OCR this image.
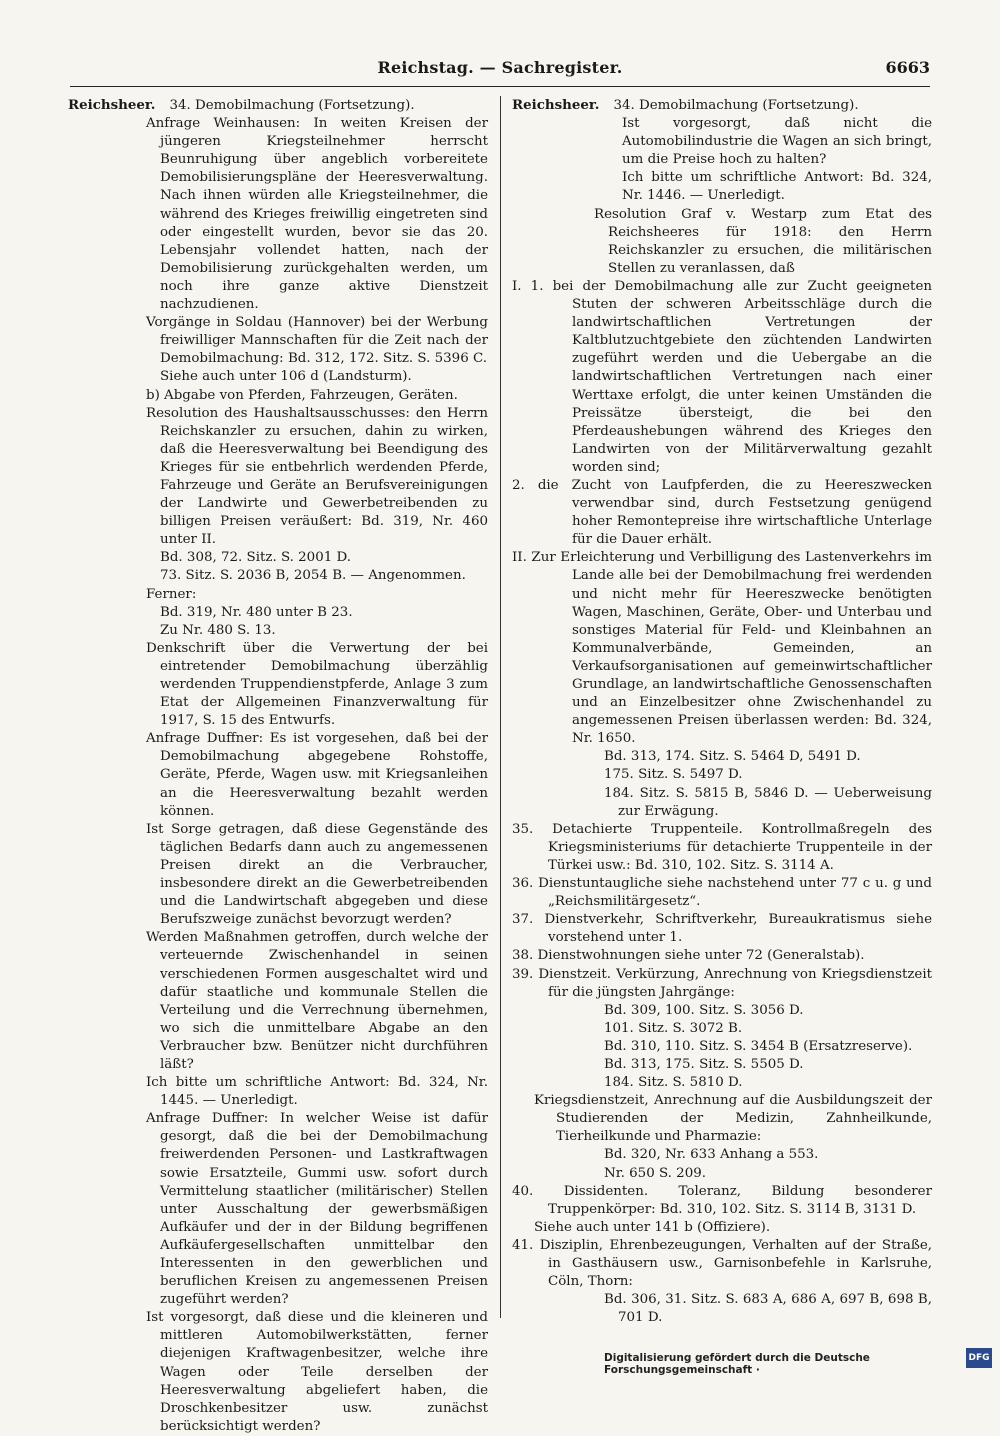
Reichstag. — Sachregister.	6663

Reichsheer. 34. Demobilmachung (Fortsetzung).

Anfrage Weinhausen: In weiten Kreisen der jüngeren Kriegsteilnehmer herrscht Beunruhigung über angeblich vorbereitete Demobilisierungspläne der Heeresverwaltung. Nach ihnen würden alle Kriegsteilnehmer, die während des Krieges freiwillig eingetreten sind oder eingestellt wurden, bevor sie das 20. Lebensjahr vollendet hatten, nach der Demobilisierung zurückgehalten werden, um noch ihre ganze aktive Dienstzeit nachzudienen.

Vorgänge in Soldau (Hannover) bei der Werbung freiwilliger Mannschaften für die Zeit nach der Demobilmachung: Bd. 312, 172. Sitz. S. 5396 C.

Siehe auch unter 106 d (Landsturm).

b) Abgabe von Pferden, Fahrzeugen, Geräten.

Resolution des Haushaltsausschusses: den Herrn Reichskanzler zu ersuchen, dahin zu wirken, daß die Heeresverwaltung bei Beendigung des Krieges für sie entbehrlich werdenden Pferde, Fahrzeuge und Geräte an Berufsvereinigungen der Landwirte und Gewerbetreibenden zu billigen Preisen veräußert: Bd. 319, Nr. 460 unter II.

Bd. 308, 72. Sitz. S. 2001 D.

73. Sitz. S. 2036 B, 2054 B. — Angenommen.

Ferner:

Bd. 319, Nr. 480 unter B 23.

Zu Nr. 480 S. 13.

Denkschrift über die Verwertung der bei eintretender Demobilmachung überzählig werdenden Truppendienstpferde, Anlage 3 zum Etat der Allgemeinen Finanzverwaltung für 1917, S. 15 des Entwurfs.

Anfrage Duffner: Es ist vorgesehen, daß bei der Demobilmachung abgegebene Rohstoffe, Geräte, Pferde, Wagen usw. mit Kriegsanleihen an die Heeresverwaltung bezahlt werden können.

Ist Sorge getragen, daß diese Gegenstände des täglichen Bedarfs dann auch zu angemessenen Preisen direkt an die Verbraucher, insbesondere direkt an die Gewerbetreibenden und die Landwirtschaft abgegeben und diese Berufszweige zunächst bevorzugt werden?

Werden Maßnahmen getroffen, durch welche der verteuernde Zwischenhandel in seinen verschiedenen Formen ausgeschaltet wird und dafür staatliche und kommunale Stellen die Verteilung und die Verrechnung übernehmen, wo sich die unmittelbare Abgabe an den Verbraucher bzw. Benützer nicht durchführen läßt?

Ich bitte um schriftliche Antwort: Bd. 324, Nr. 1445. — Unerledigt.

Anfrage Duffner: In welcher Weise ist dafür gesorgt, daß die bei der Demobilmachung freiwerdenden Personen- und Lastkraftwagen sowie Ersatzteile, Gummi usw. sofort durch Vermittelung staatlicher (militärischer) Stellen unter Ausschaltung der gewerbsmäßigen Aufkäufer und der in der Bildung begriffenen Aufkäufergesellschaften unmittelbar den Interessenten in den gewerblichen und beruflichen Kreisen zu angemessenen Preisen zugeführt werden?

Ist vorgesorgt, daß diese und die kleineren und mittleren Automobilwerkstätten, ferner diejenigen Kraftwagenbesitzer, welche ihre Wagen oder Teile derselben der Heeresverwaltung abgeliefert haben, die Droschkenbesitzer usw. zunächst berücksichtigt werden?

Reichsheer. 34. Demobilmachung (Fortsetzung).

Ist vorgesorgt, daß nicht die Automobilindustrie die Wagen an sich bringt, um die Preise hoch zu halten?

Ich bitte um schriftliche Antwort: Bd. 324, Nr. 1446. — Unerledigt.

Resolution Graf v. Westarp zum Etat des Reichsheeres für 1918: den Herrn Reichskanzler zu ersuchen, die militärischen Stellen zu veranlassen, daß

I. 1. bei der Demobilmachung alle zur Zucht geeigneten Stuten der schweren Arbeitsschläge durch die landwirtschaftlichen Vertretungen der Kaltblutzuchtgebiete den züchtenden Landwirten zugeführt werden und die Uebergabe an die landwirtschaftlichen Vertretungen nach einer Werttaxe erfolgt, die unter keinen Umständen die Preissätze übersteigt, die bei den Pferdeaushebungen während des Krieges den Landwirten von der Militärverwaltung gezahlt worden sind;

2. die Zucht von Laufpferden, die zu Heereszwecken verwendbar sind, durch Festsetzung genügend hoher Remontepreise ihre wirtschaftliche Unterlage für die Dauer erhält.

II. Zur Erleichterung und Verbilligung des Lastenverkehrs im Lande alle bei der Demobilmachung frei werdenden und nicht mehr für Heereszwecke benötigten Wagen, Maschinen, Geräte, Ober- und Unterbau und sonstiges Material für Feld- und Kleinbahnen an Kommunalverbände, Gemeinden, an Verkaufsorganisationen auf gemeinwirtschaftlicher Grundlage, an landwirtschaftliche Genossenschaften und an Einzelbesitzer ohne Zwischenhandel zu angemessenen Preisen überlassen werden: Bd. 324, Nr. 1650.

Bd. 313, 174. Sitz. S. 5464 D, 5491 D.

175. Sitz. S. 5497 D.

184. Sitz. S. 5815 B, 5846 D. — Ueberweisung zur Erwägung.

35. Detachierte Truppenteile. Kontrollmaßregeln des Kriegsministeriums für detachierte Truppenteile in der Türkei usw.: Bd. 310, 102. Sitz. S. 3114 A.

36. Dienstuntaugliche siehe nachstehend unter 77 c u. g und „Reichsmilitärgesetz“.

37. Dienstverkehr, Schriftverkehr, Bureaukratismus siehe vorstehend unter 1.

38. Dienstwohnungen siehe unter 72 (Generalstab).

39. Dienstzeit. Verkürzung, Anrechnung von Kriegsdienstzeit für die jüngsten Jahrgänge:

Bd. 309, 100. Sitz. S. 3056 D.

101. Sitz. S. 3072 B.

Bd. 310, 110. Sitz. S. 3454 B (Ersatzreserve).

Bd. 313, 175. Sitz. S. 5505 D.

184. Sitz. S. 5810 D.

Kriegsdienstzeit, Anrechnung auf die Ausbildungszeit der Studierenden der Medizin, Zahnheilkunde, Tierheilkunde und Pharmazie:

Bd. 320, Nr. 633 Anhang a 553.

Nr. 650 S. 209.

40. Dissidenten. Toleranz, Bildung besonderer Truppenkörper: Bd. 310, 102. Sitz. S. 3114 B, 3131 D.

Siehe auch unter 141 b (Offiziere).

41. Disziplin, Ehrenbezeugungen, Verhalten auf der Straße, in Gasthäusern usw., Garnisonbefehle in Karlsruhe, Cöln, Thorn:

Bd. 306, 31. Sitz. S. 683 A, 686 A, 697 B, 698 B, 701 D.

Digitalisierung gefördert durch die Deutsche Forschungsgemeinschaft ·
DFG
